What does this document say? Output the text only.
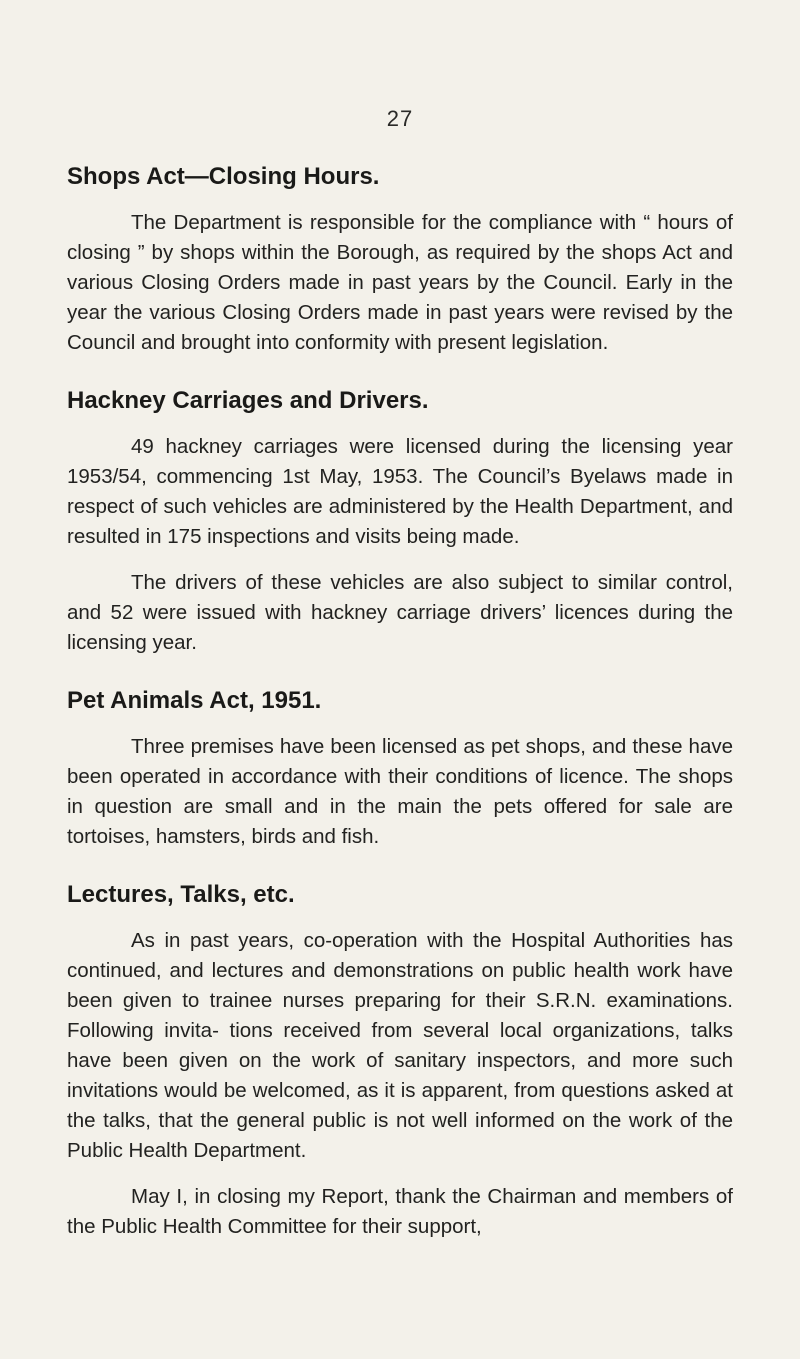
27
Shops Act—Closing Hours.

The Department is responsible for the compliance with “ hours of closing ” by shops within the Borough, as required by the shops Act and various Closing Orders made in past years by the Council. Early in the year the various Closing Orders made in past years were revised by the Council and brought into conformity with present legislation.

Hackney Carriages and Drivers.

49 hackney carriages were licensed during the licensing year 1953/54, commencing 1st May, 1953. The Council’s Byelaws made in respect of such vehicles are administered by the Health Department, and resulted in 175 inspections and visits being made.

The drivers of these vehicles are also subject to similar control, and 52 were issued with hackney carriage drivers’ licences during the licensing year.

Pet Animals Act, 1951.

Three premises have been licensed as pet shops, and these have been operated in accordance with their conditions of licence. The shops in question are small and in the main the pets offered for sale are tortoises, hamsters, birds and fish.

Lectures, Talks, etc.

As in past years, co-operation with the Hospital Authorities has continued, and lectures and demonstrations on public health work have been given to trainee nurses preparing for their S.R.N. examinations. Following invita- tions received from several local organizations, talks have been given on the work of sanitary inspectors, and more such invitations would be welcomed, as it is apparent, from questions asked at the talks, that the general public is not well informed on the work of the Public Health Department.

May I, in closing my Report, thank the Chairman and members of the Public Health Committee for their support,
